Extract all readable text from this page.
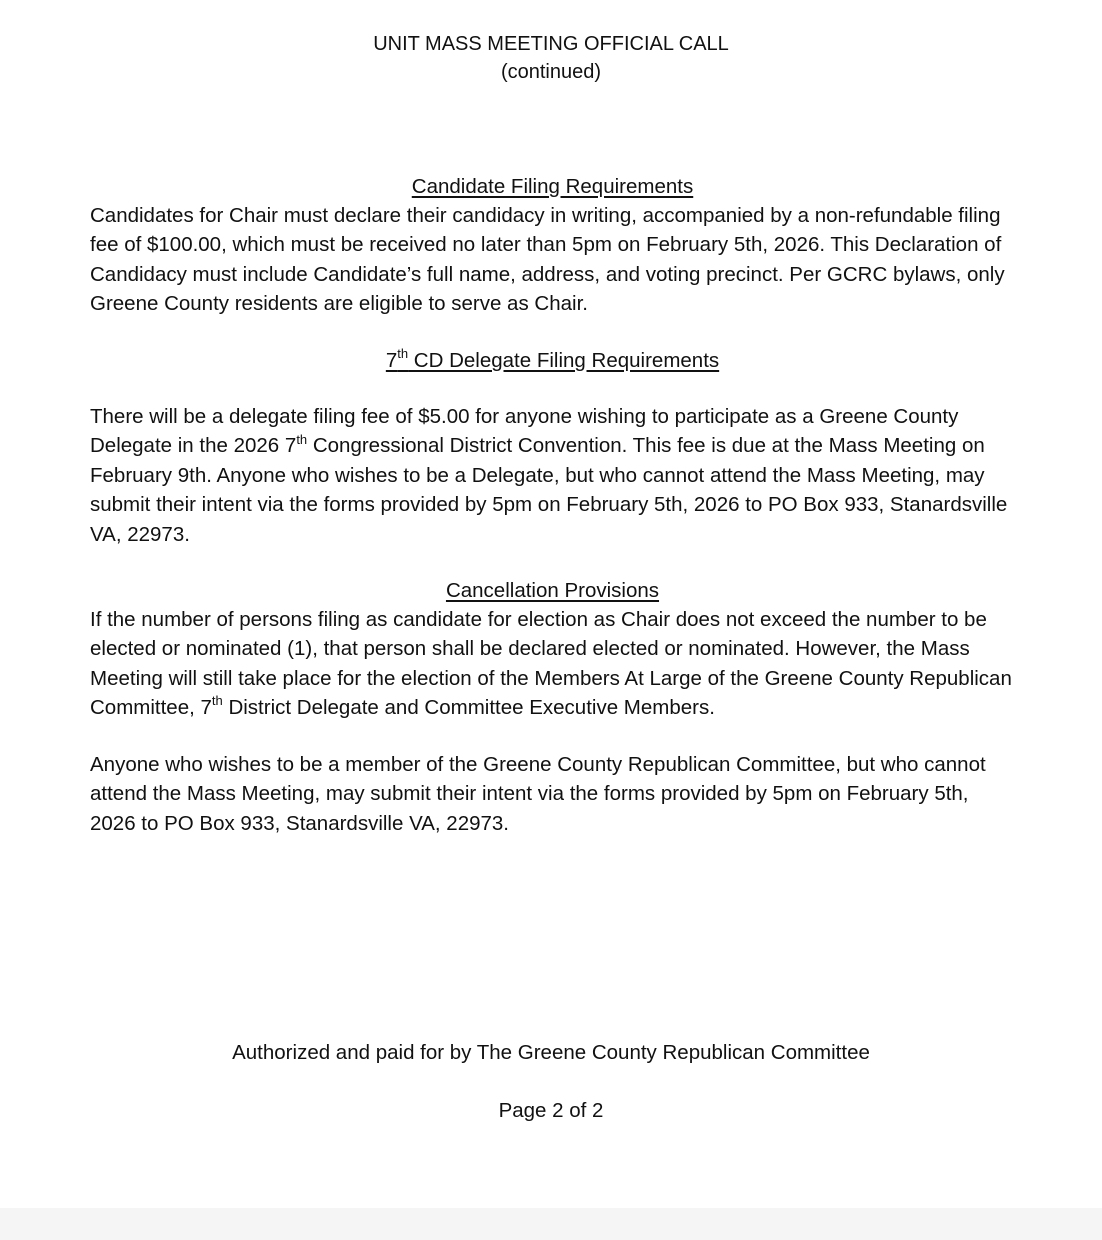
UNIT MASS MEETING OFFICIAL CALL
(continued)
Candidate Filing Requirements

Candidates for Chair must declare their candidacy in writing, accompanied by a non-refundable filing fee of $100.00, which must be received no later than 5pm on February 5th, 2026. This Declaration of Candidacy must include Candidate’s full name, address, and voting precinct. Per GCRC bylaws, only Greene County residents are eligible to serve as Chair.

7th CD Delegate Filing Requirements

There will be a delegate filing fee of $5.00 for anyone wishing to participate as a Greene County Delegate in the 2026 7th Congressional District Convention. This fee is due at the Mass Meeting on February 9th. Anyone who wishes to be a Delegate, but who cannot attend the Mass Meeting, may submit their intent via the forms provided by 5pm on February 5th, 2026 to PO Box 933, Stanardsville VA, 22973.

Cancellation Provisions

If the number of persons filing as candidate for election as Chair does not exceed the number to be elected or nominated (1), that person shall be declared elected or nominated. However, the Mass Meeting will still take place for the election of the Members At Large of the Greene County Republican Committee, 7th District Delegate and Committee Executive Members.

Anyone who wishes to be a member of the Greene County Republican Committee, but who cannot attend the Mass Meeting, may submit their intent via the forms provided by 5pm on February 5th, 2026 to PO Box 933, Stanardsville VA, 22973.

Authorized and paid for by The Greene County Republican Committee
Page 2 of 2
